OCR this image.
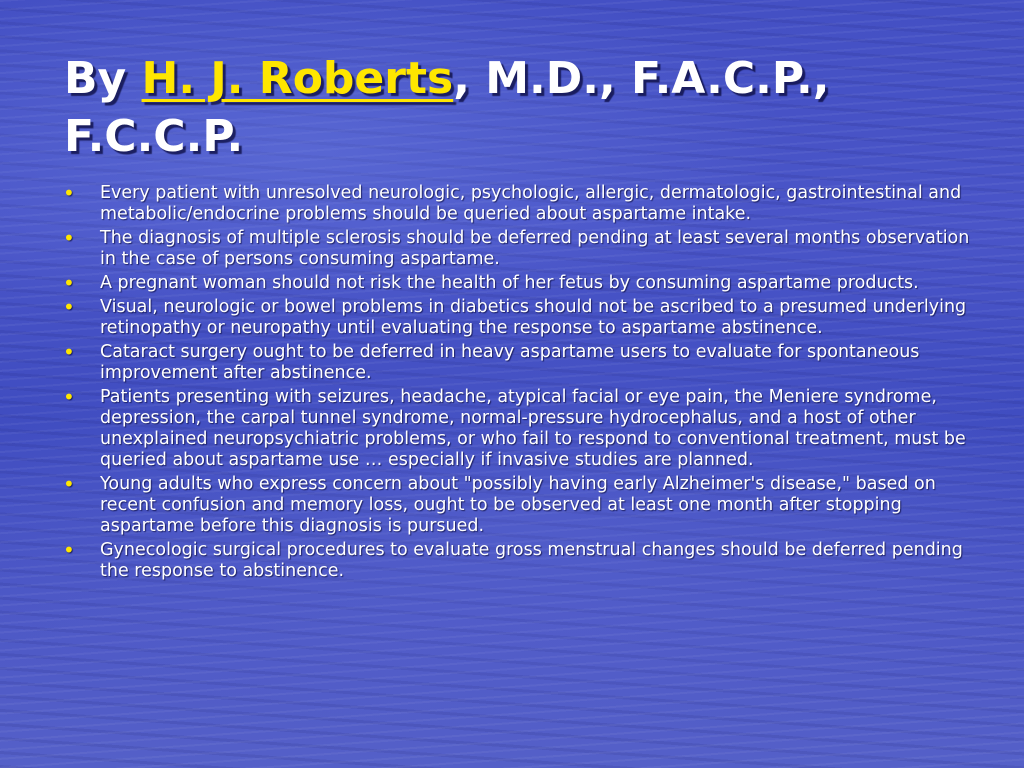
By H. J. Roberts, M.D., F.A.C.P., F.C.C.P.
• Every patient with unresolved neurologic, psychologic, allergic, dermatologic, gastrointestinal and metabolic/endocrine problems should be queried about aspartame intake.
• The diagnosis of multiple sclerosis should be deferred pending at least several months observation in the case of persons consuming aspartame.
• A pregnant woman should not risk the health of her fetus by consuming aspartame products.
• Visual, neurologic or bowel problems in diabetics should not be ascribed to a presumed underlying retinopathy or neuropathy until evaluating the response to aspartame abstinence.
• Cataract surgery ought to be deferred in heavy aspartame users to evaluate for spontaneous improvement after abstinence.
• Patients presenting with seizures, headache, atypical facial or eye pain, the Meniere syndrome, depression, the carpal tunnel syndrome, normal-pressure hydrocephalus, and a host of other unexplained neuropsychiatric problems, or who fail to respond to conventional treatment, must be queried about aspartame use … especially if invasive studies are planned.
• Young adults who express concern about "possibly having early Alzheimer's disease," based on recent confusion and memory loss, ought to be observed at least one month after stopping aspartame before this diagnosis is pursued.
• Gynecologic surgical procedures to evaluate gross menstrual changes should be deferred pending the response to abstinence.
